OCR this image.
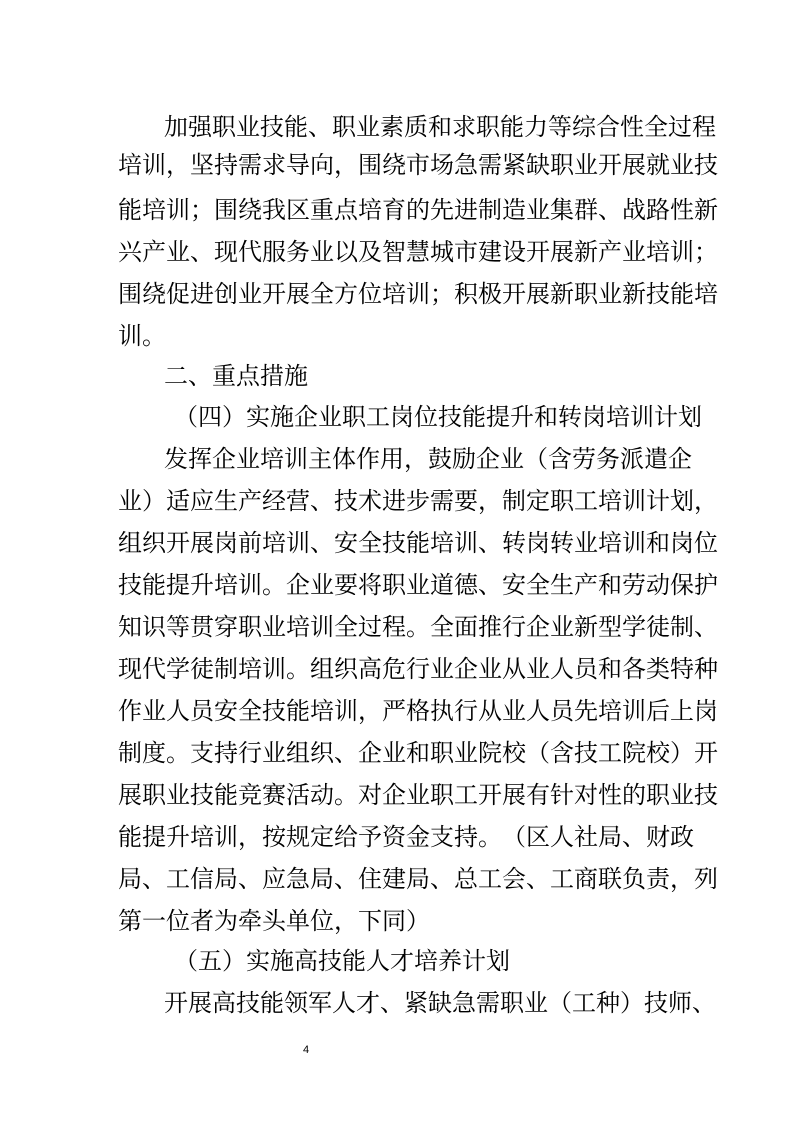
加 强 职 业 技 能 、 职 业 素 质 和 求 职 能 力 等 综 合 性 全 过 程
培 训 ， 坚 持 需 求 导 向 ， 围 绕 市 场 急 需 紧 缺 职 业 开 展 就 业 技
能 培 训 ； 围 绕 我 区 重 点 培 育 的 先 进 制 造 业 集 群 、 战 路 性 新
兴 产 业 、 现 代 服 务 业 以 及 智 慧 城 市 建 设 开 展 新 产 业 培 训 ；
围 绕 促 进 创 业 开 展 全 方 位 培 训 ； 积 极 开 展 新 职 业 新 技 能 培
训。
二、重点措施
（四）实施企业职工岗位技能提升和转岗培训计划
发 挥 企 业 培 训 主 体 作 用 ， 鼓 励 企 业 （ 含 劳 务 派 遣 企
业 ） 适 应 生 产 经 营 、 技 术 进 步 需 要 ， 制 定 职 工 培 训 计 划 ，
组 织 开 展 岗 前 培 训 、 安 全 技 能 培 训 、 转 岗 转 业 培 训 和 岗 位
技 能 提 升 培 训 。 企 业 要 将 职 业 道 德 、 安 全 生 产 和 劳 动 保 护
知 识 等 贯 穿 职 业 培 训 全 过 程 。 全 面 推 行 企 业 新 型 学 徒 制 、
现 代 学 徒 制 培 训 。 组 织 高 危 行 业 企 业 从 业 人 员 和 各 类 特 种
作 业 人 员 安 全 技 能 培 训 ， 严 格 执 行 从 业 人 员 先 培 训 后 上 岗
制 度 。 支 持 行 业 组 织 、 企 业 和 职 业 院 校 （ 含 技 工 院 校 ） 开
展 职 业 技 能 竞 赛 活 动 。 对 企 业 职 工 开 展 有 针 对 性 的 职 业 技
能 提 升 培 训 ， 按 规 定 给 予 资 金 支 持 。 （ 区 人 社 局 、 财 政
局 、 工 信 局 、 应 急 局 、 住 建 局 、 总 工 会 、 工 商 联 负 责 ， 列
第一位者为牵头单位，下同）
（五）实施高技能人才培养计划
开 展 高 技 能 领 军 人 才 、 紧 缺 急 需 职 业 （ 工 种 ） 技 师 、
4
